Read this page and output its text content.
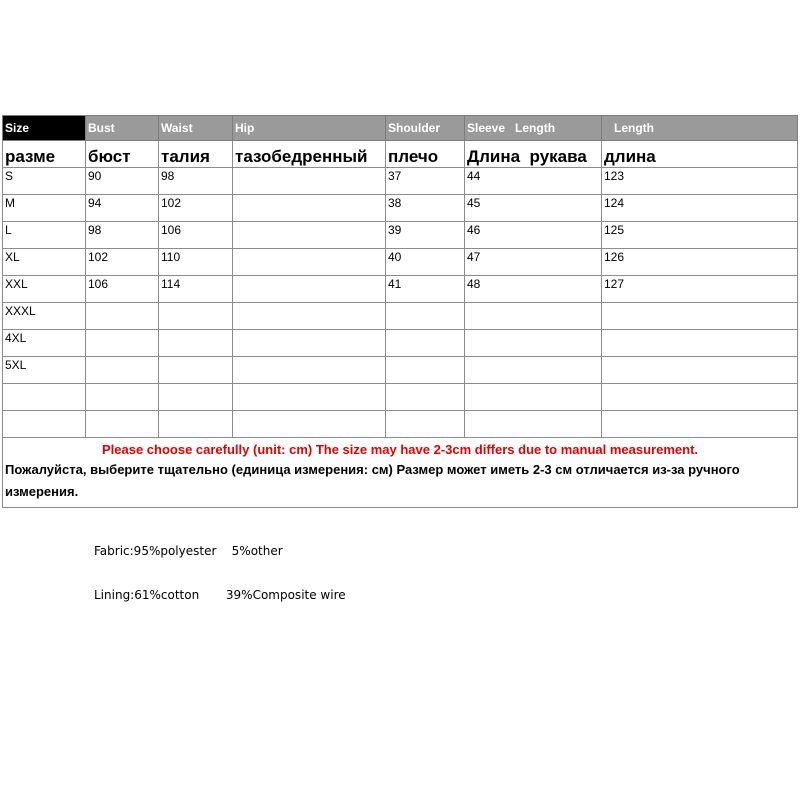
Size	Bust	Waist	Hip	Shoulder	Sleeve   Length	Length
разме	бюст	талия	тазобедренный	плечо	Длина  рукава	длина
S	90	98		37	44	123
M	94	102		38	45	124
L	98	106		39	46	125
XL	102	110		40	47	126
XXL	106	114		41	48	127
XXXL						
4XL						
5XL						

Please choose carefully (unit: cm) The size may have 2-3cm differs due to manual measurement.
Пожалуйста, выберите тщательно (единица измерения: см) Размер может иметь 2-3 см отличается из-за ручного измерения.						
Fabric:95%polyester    5%other
Lining:61%cotton       39%Composite wire
